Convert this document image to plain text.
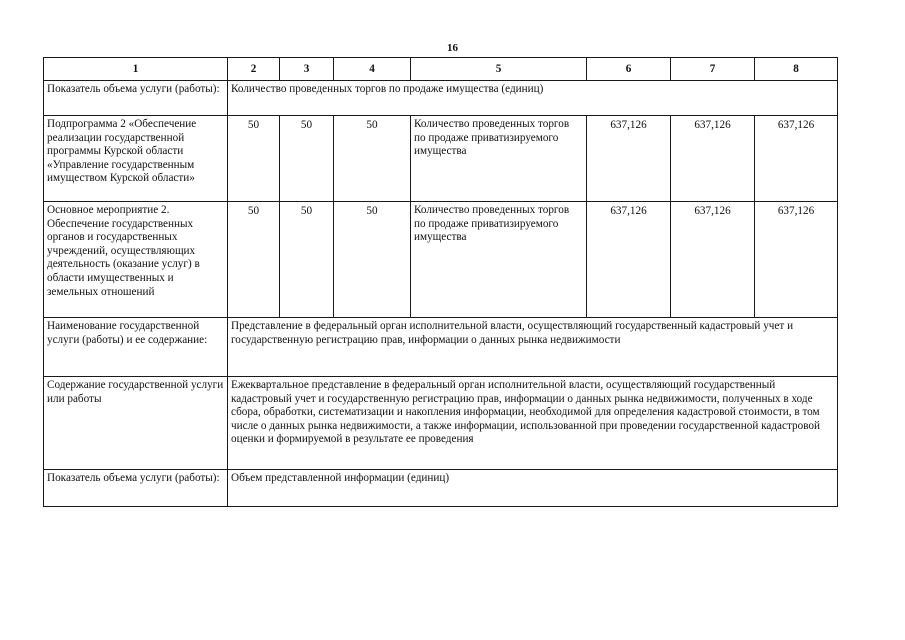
16
1	2	3	4	5	6	7	8
Показатель объема услуги (работы):	Количество проведенных торгов по продаже имущества (единиц)						
Подпрограмма 2 «Обеспечение реализации государственной программы Курской области «Управление государственным имуществом Курской области»	50	50	50	Количество проведенных торгов по продаже приватизируемого имущества	637,126	637,126	637,126
Основное мероприятие 2. Обеспечение государственных органов и государственных учреждений, осуществляющих деятельность (оказание услуг) в области имущественных и земельных отношений	50	50	50	Количество проведенных торгов по продаже приватизируемого имущества	637,126	637,126	637,126
Наименование государственной услуги (работы) и ее содержание:	Представление в федеральный орган исполнительной власти, осуществляющий государственный кадастровый учет и государственную регистрацию прав, информации о данных рынка недвижимости						
Содержание государственной услуги или работы	Ежеквартальное представление в федеральный орган исполнительной власти, осуществляющий государственный кадастровый учет и государственную регистрацию прав, информации о данных рынка недвижимости, полученных в ходе сбора, обработки, систематизации и накопления информации, необходимой для определения кадастровой стоимости, в том числе о данных рынка недвижимости, а также информации, использованной при проведении государственной кадастровой оценки и формируемой в результате ее проведения						
Показатель объема услуги (работы):	Объем представленной информации (единиц)						
